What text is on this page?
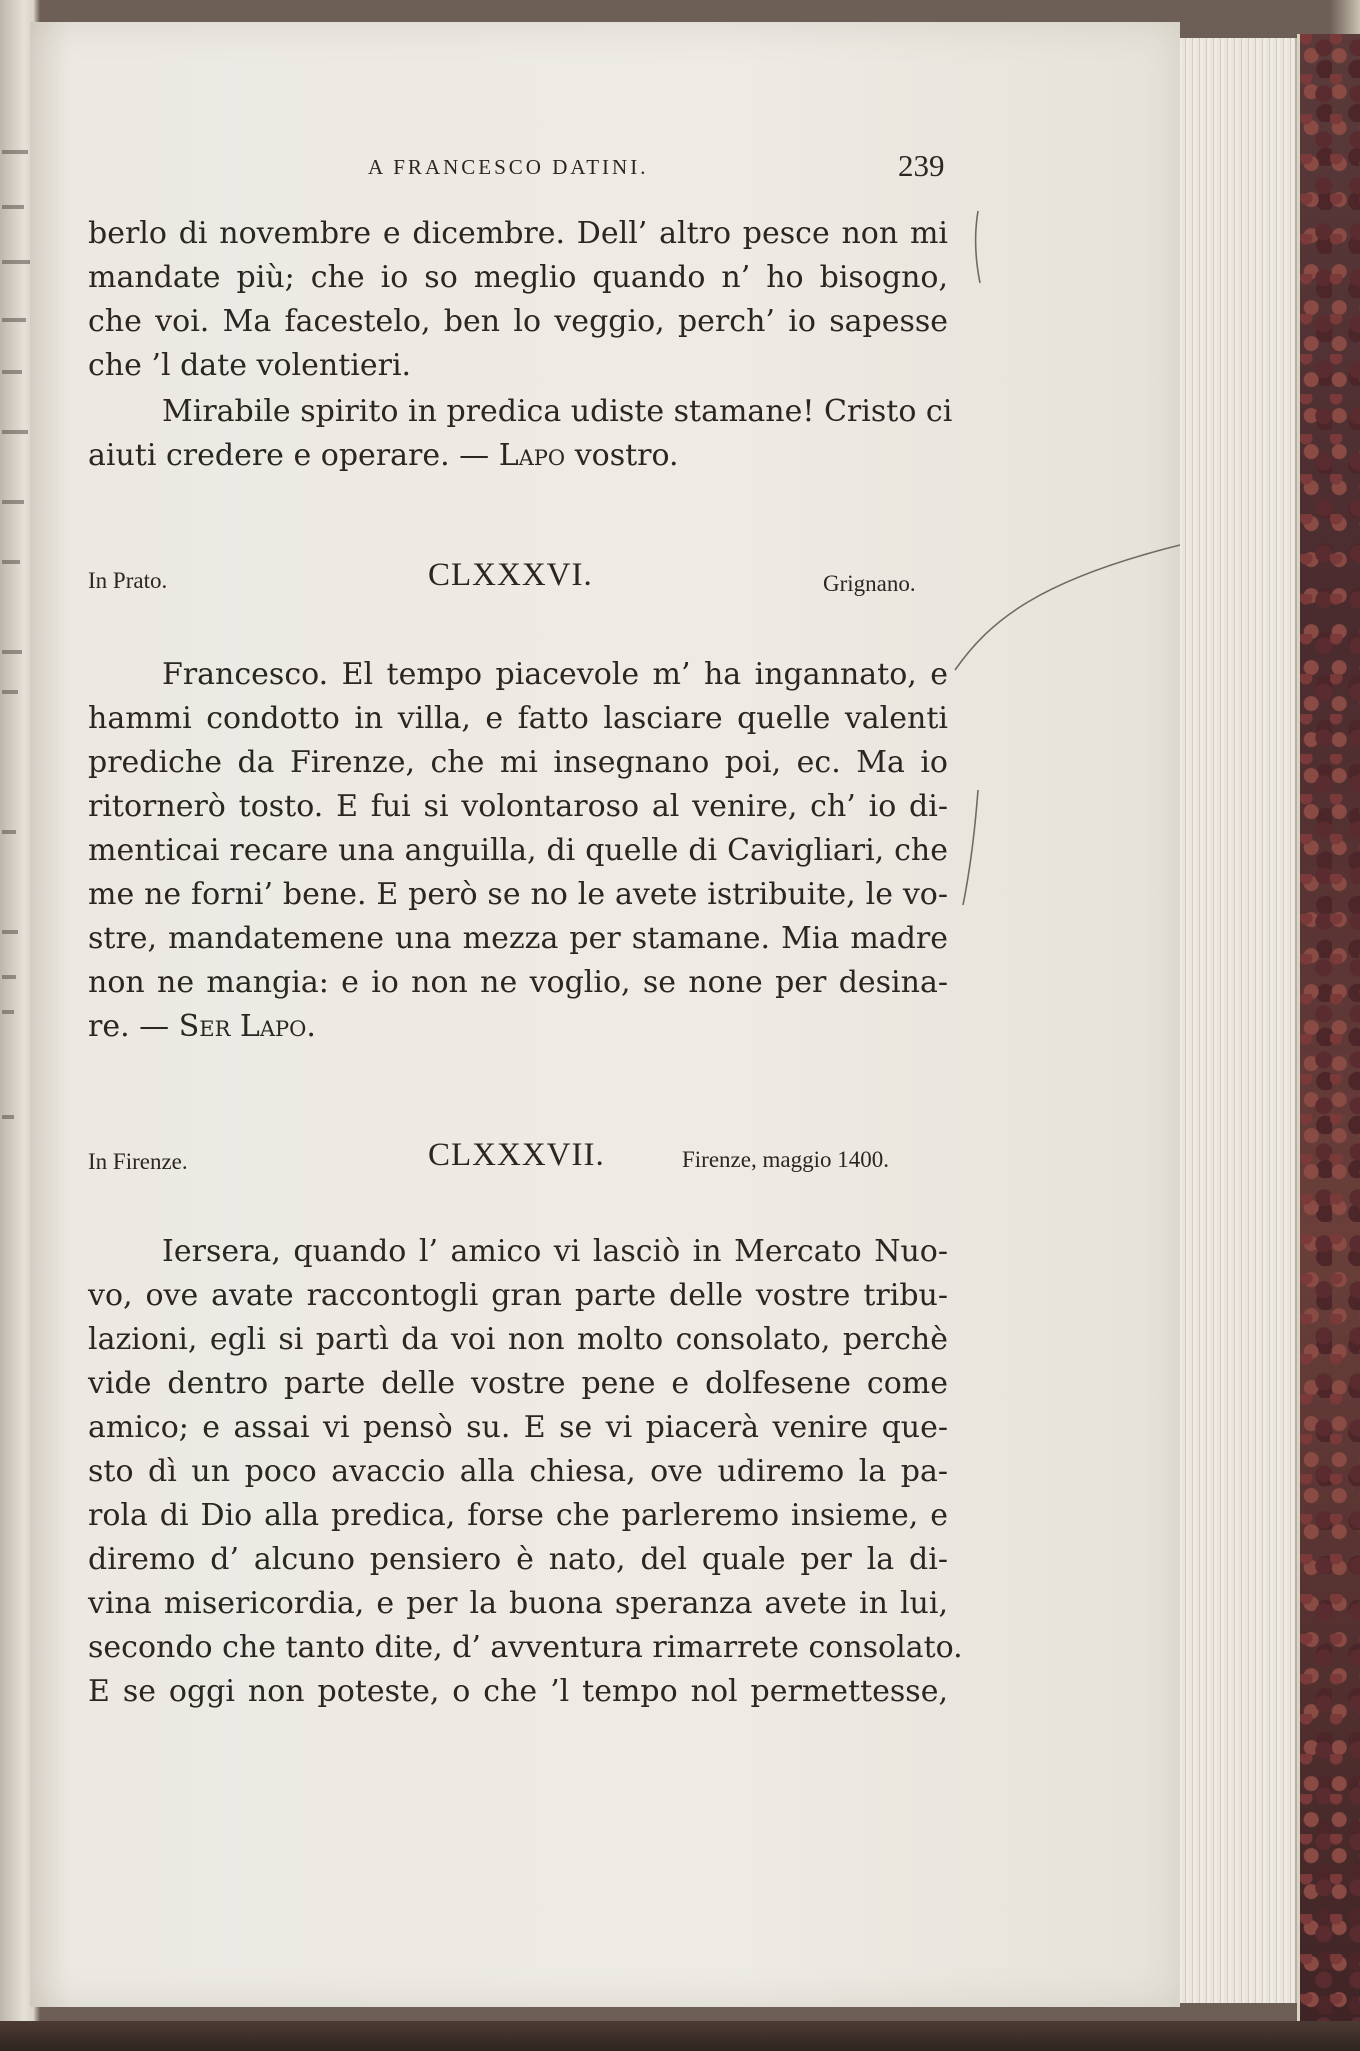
A FRANCESCO DATINI.	239
berlo di novembre e dicembre. Dell’ altro pesce non mi
mandate più; che io so meglio quando n’ ho bisogno,
che voi. Ma facestelo, ben lo veggio, perch’ io sapesse
che ’l date volentieri.
Mirabile spirito in predica udiste stamane! Cristo ci
aiuti credere e operare. — Lapo vostro.
In Prato.	CLXXXVI.	Grignano.
Francesco. El tempo piacevole m’ ha ingannato, e
hammi condotto in villa, e fatto lasciare quelle valenti
prediche da Firenze, che mi insegnano poi, ec. Ma io
ritornerò tosto. E fui si volontaroso al venire, ch’ io di-
menticai recare una anguilla, di quelle di Cavigliari, che
me ne forni’ bene. E però se no le avete istribuite, le vo-
stre, mandatemene una mezza per stamane. Mia madre
non ne mangia: e io non ne voglio, se none per desina-
re. — Ser Lapo.
In Firenze.	CLXXXVII.	Firenze, maggio 1400.
Iersera, quando l’ amico vi lasciò in Mercato Nuo-
vo, ove avate raccontogli gran parte delle vostre tribu-
lazioni, egli si partì da voi non molto consolato, perchè
vide dentro parte delle vostre pene e dolfesene come
amico; e assai vi pensò su. E se vi piacerà venire que-
sto dì un poco avaccio alla chiesa, ove udiremo la pa-
rola di Dio alla predica, forse che parleremo insieme, e
diremo d’ alcuno pensiero è nato, del quale per la di-
vina misericordia, e per la buona speranza avete in lui,
secondo che tanto dite, d’ avventura rimarrete consolato.
E se oggi non poteste, o che ’l tempo nol permettesse,
